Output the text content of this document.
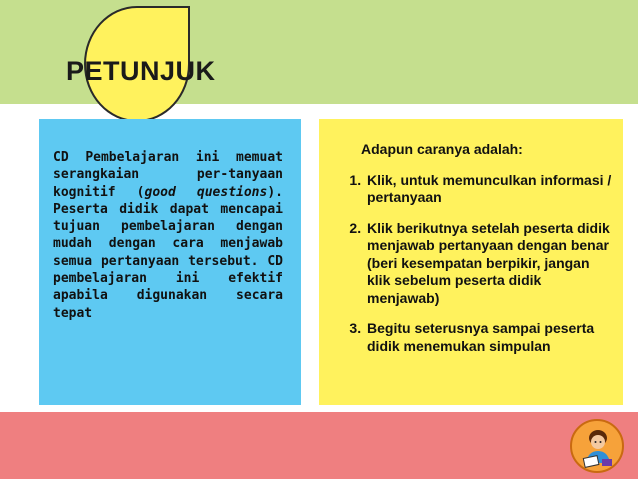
PETUNJUK

CD Pembelajaran ini memuat serangkaian per-tanyaan kognitif (good questions). Peserta didik dapat mencapai tujuan pembelajaran dengan mudah dengan cara menjawab semua pertanyaan tersebut. CD pembelajaran ini efektif apabila digunakan secara tepat

Adapun caranya adalah:

1. Klik, untuk memunculkan informasi / pertanyaan
2. Klik berikutnya setelah peserta didik menjawab pertanyaan dengan benar (beri kesempatan berpikir, jangan klik sebelum peserta didik menjawab)
3. Begitu seterusnya sampai peserta didik menemukan simpulan
